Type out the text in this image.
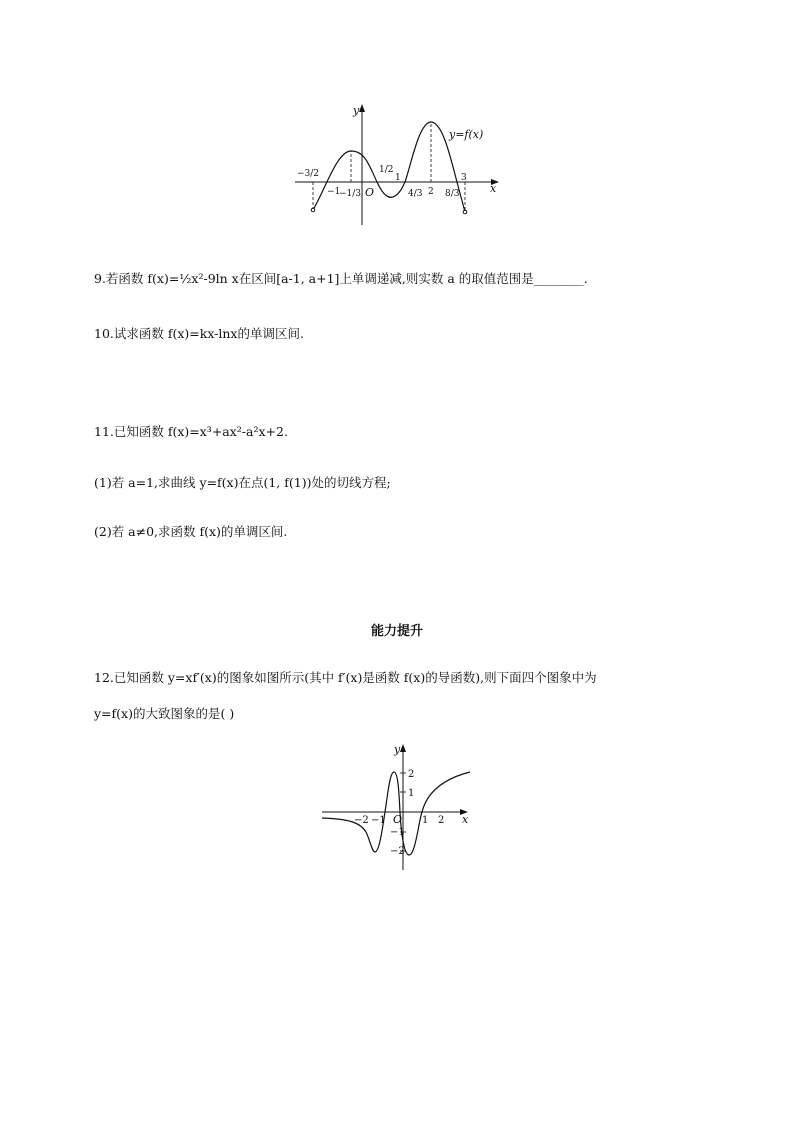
y
x
y=f(x)
O
−3/2
−1
−1/3
1/2
1
4/3 2 8/3
3
9.若函数 f(x)=½x²-9ln x在区间[a-1, a+1]上单调递减,则实数 a 的取值范围是________.
10.试求函数 f(x)=kx-lnx的单调区间.
11.已知函数 f(x)=x³+ax²-a²x+2.
(1)若 a=1,求曲线 y=f(x)在点(1, f(1))处的切线方程;
(2)若 a≠0,求函数 f(x)的单调区间.
能力提升
12.已知函数 y=xf′(x)的图象如图所示(其中 f′(x)是函数 f(x)的导函数),则下面四个图象中为
y=f(x)的大致图象的是( )
y
x
O
2
1
−1
−2
−2 −1	1 2
